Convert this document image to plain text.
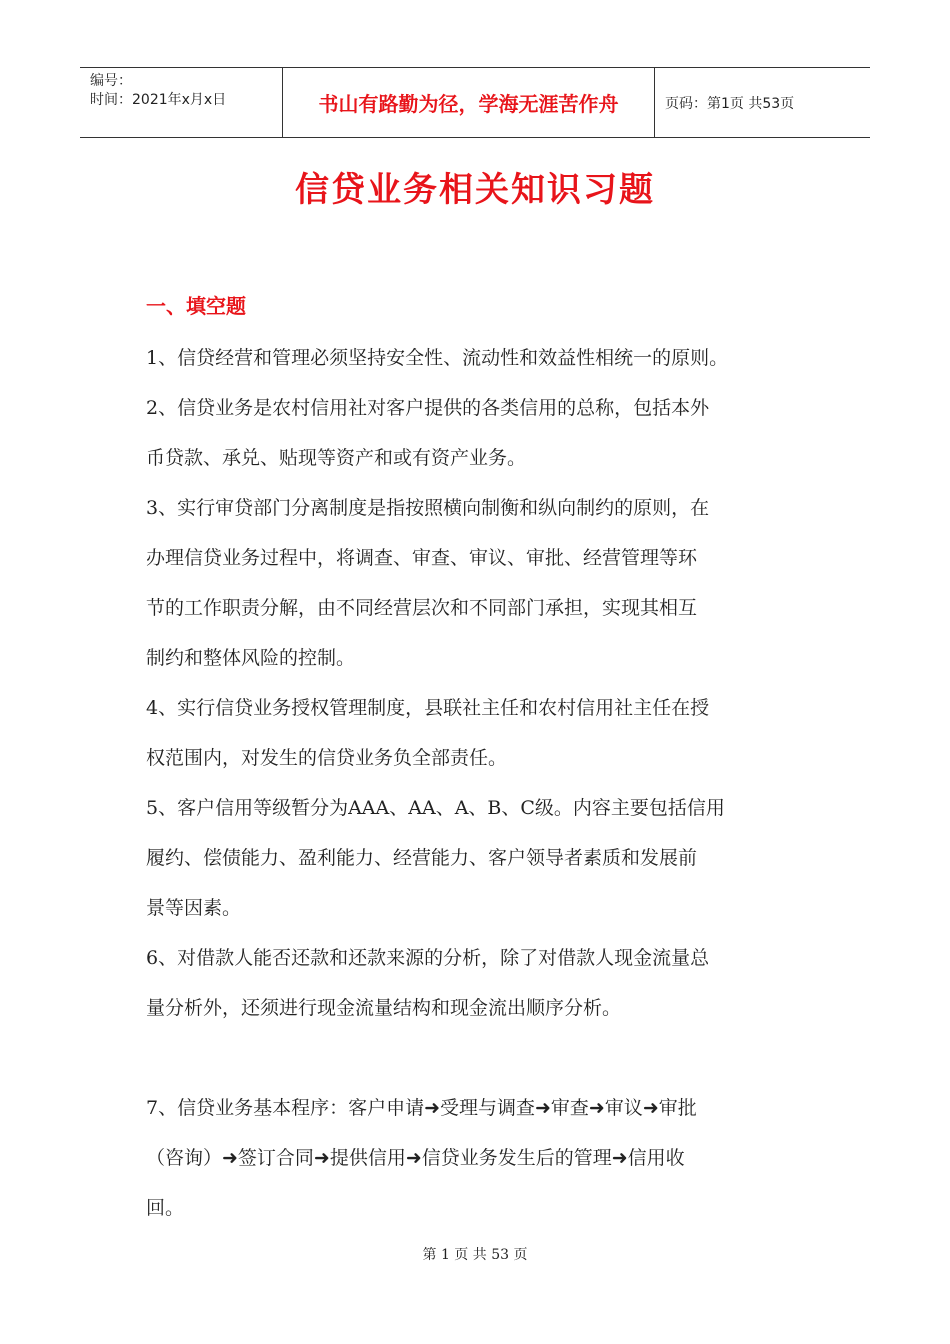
编号：
时间：2021年x月x日	书山有路勤为径，学海无涯苦作舟	页码：第1页 共53页
信贷业务相关知识习题
一、填空题
1、信贷经营和管理必须坚持安全性、流动性和效益性相统一的原则。
2、信贷业务是农村信用社对客户提供的各类信用的总称，包括本外
币贷款、承兑、贴现等资产和或有资产业务。
3、实行审贷部门分离制度是指按照横向制衡和纵向制约的原则，在
办理信贷业务过程中，将调查、审查、审议、审批、经营管理等环
节的工作职责分解，由不同经营层次和不同部门承担，实现其相互
制约和整体风险的控制。
4、实行信贷业务授权管理制度，县联社主任和农村信用社主任在授
权范围内，对发生的信贷业务负全部责任。
5、客户信用等级暂分为AAA、AA、A、B、C级。内容主要包括信用
履约、偿债能力、盈利能力、经营能力、客户领导者素质和发展前
景等因素。
6、对借款人能否还款和还款来源的分析，除了对借款人现金流量总
量分析外，还须进行现金流量结构和现金流出顺序分析。
7、信贷业务基本程序：客户申请➜受理与调查➜审查➜审议➜审批
（咨询）➜签订合同➜提供信用➜信贷业务发生后的管理➜信用收
回。
第 1 页 共 53 页
